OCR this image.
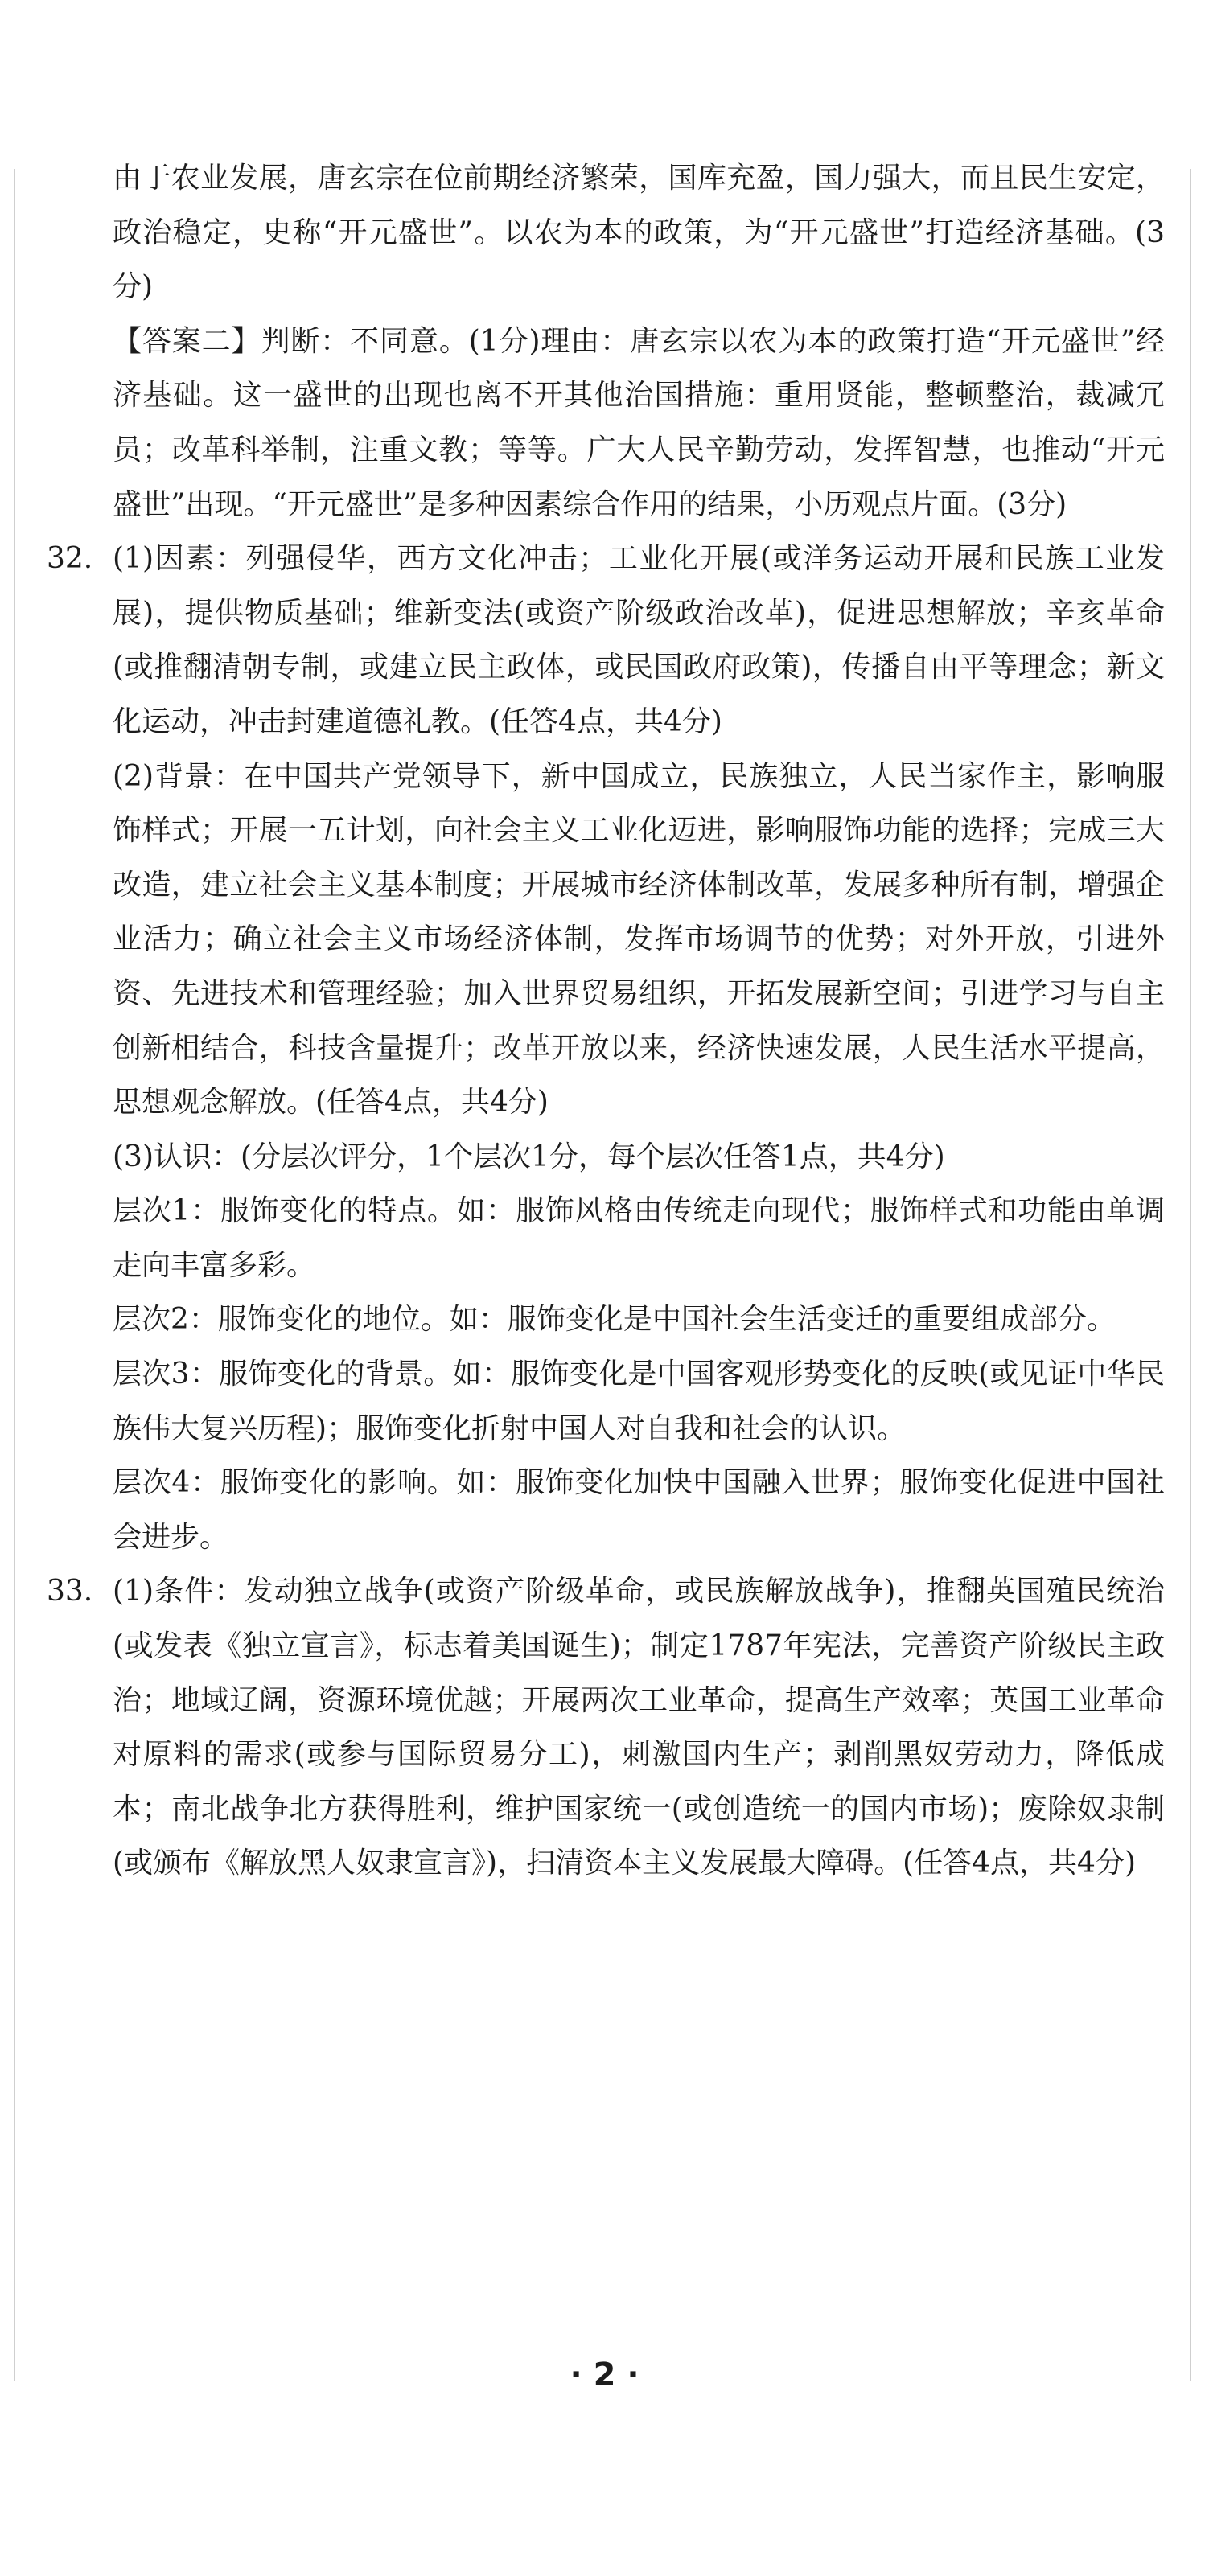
由于农业发展，唐玄宗在位前期经济繁荣，国库充盈，国力强大，而且民生安定，政治稳定，史称“开元盛世”。以农为本的政策，为“开元盛世”打造经济基础。(3分)

【答案二】判断：不同意。(1分)理由：唐玄宗以农为本的政策打造“开元盛世”经济基础。这一盛世的出现也离不开其他治国措施：重用贤能，整顿整治，裁减冗员；改革科举制，注重文教；等等。广大人民辛勤劳动，发挥智慧，也推动“开元盛世”出现。“开元盛世”是多种因素综合作用的结果，小历观点片面。(3分)

32. (1)因素：列强侵华，西方文化冲击；工业化开展(或洋务运动开展和民族工业发展)，提供物质基础；维新变法(或资产阶级政治改革)，促进思想解放；辛亥革命(或推翻清朝专制，或建立民主政体，或民国政府政策)，传播自由平等理念；新文化运动，冲击封建道德礼教。(任答4点，共4分)

(2)背景：在中国共产党领导下，新中国成立，民族独立，人民当家作主，影响服饰样式；开展一五计划，向社会主义工业化迈进，影响服饰功能的选择；完成三大改造，建立社会主义基本制度；开展城市经济体制改革，发展多种所有制，增强企业活力；确立社会主义市场经济体制，发挥市场调节的优势；对外开放，引进外资、先进技术和管理经验；加入世界贸易组织，开拓发展新空间；引进学习与自主创新相结合，科技含量提升；改革开放以来，经济快速发展，人民生活水平提高，思想观念解放。(任答4点，共4分)

(3)认识：(分层次评分，1个层次1分，每个层次任答1点，共4分)

层次1：服饰变化的特点。如：服饰风格由传统走向现代；服饰样式和功能由单调走向丰富多彩。

层次2：服饰变化的地位。如：服饰变化是中国社会生活变迁的重要组成部分。

层次3：服饰变化的背景。如：服饰变化是中国客观形势变化的反映(或见证中华民族伟大复兴历程)；服饰变化折射中国人对自我和社会的认识。

层次4：服饰变化的影响。如：服饰变化加快中国融入世界；服饰变化促进中国社会进步。

33. (1)条件：发动独立战争(或资产阶级革命，或民族解放战争)，推翻英国殖民统治(或发表《独立宣言》，标志着美国诞生)；制定1787年宪法，完善资产阶级民主政治；地域辽阔，资源环境优越；开展两次工业革命，提高生产效率；英国工业革命对原料的需求(或参与国际贸易分工)，刺激国内生产；剥削黑奴劳动力，降低成本；南北战争北方获得胜利，维护国家统一(或创造统一的国内市场)；废除奴隶制(或颁布《解放黑人奴隶宣言》)，扫清资本主义发展最大障碍。(任答4点，共4分)
· 2 ·
